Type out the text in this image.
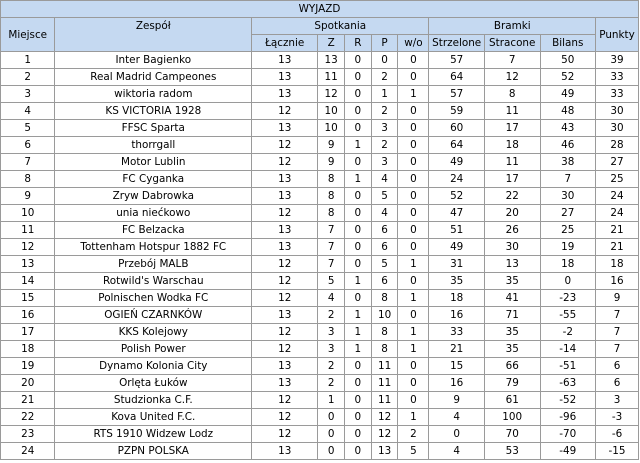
WYJAZD										
Miejsce	Zespół	Spotkania					Bramki			Punkty
		Łącznie	Z	R	P	w/o	Strzelone	Stracone	Bilans	
1	Inter Bagienko	13	13	0	0	0	57	7	50	39
2	Real Madrid Campeones	13	11	0	2	0	64	12	52	33
3	wiktoria radom	13	12	0	1	1	57	8	49	33
4	KS VICTORIA 1928	12	10	0	2	0	59	11	48	30
5	FFSC Sparta	13	10	0	3	0	60	17	43	30
6	thorrgall	12	9	1	2	0	64	18	46	28
7	Motor Lublin	12	9	0	3	0	49	11	38	27
8	FC Cyganka	13	8	1	4	0	24	17	7	25
9	Zryw Dabrowka	13	8	0	5	0	52	22	30	24
10	unia niećkowo	12	8	0	4	0	47	20	27	24
11	FC Belzacka	13	7	0	6	0	51	26	25	21
12	Tottenham Hotspur 1882 FC	13	7	0	6	0	49	30	19	21
13	Przebój MALB	12	7	0	5	1	31	13	18	18
14	Rotwild's Warschau	12	5	1	6	0	35	35	0	16
15	Polnischen Wodka FC	12	4	0	8	1	18	41	-23	9
16	OGIEŃ CZARNKÓW	13	2	1	10	0	16	71	-55	7
17	KKS Kolejowy	12	3	1	8	1	33	35	-2	7
18	Polish Power	12	3	1	8	1	21	35	-14	7
19	Dynamo Kolonia City	13	2	0	11	0	15	66	-51	6
20	Orlęta Łuków	13	2	0	11	0	16	79	-63	6
21	Studzionka C.F.	12	1	0	11	0	9	61	-52	3
22	Kova United F.C.	12	0	0	12	1	4	100	-96	-3
23	RTS 1910 Widzew Lodz	12	0	0	12	2	0	70	-70	-6
24	PZPN POLSKA	13	0	0	13	5	4	53	-49	-15
